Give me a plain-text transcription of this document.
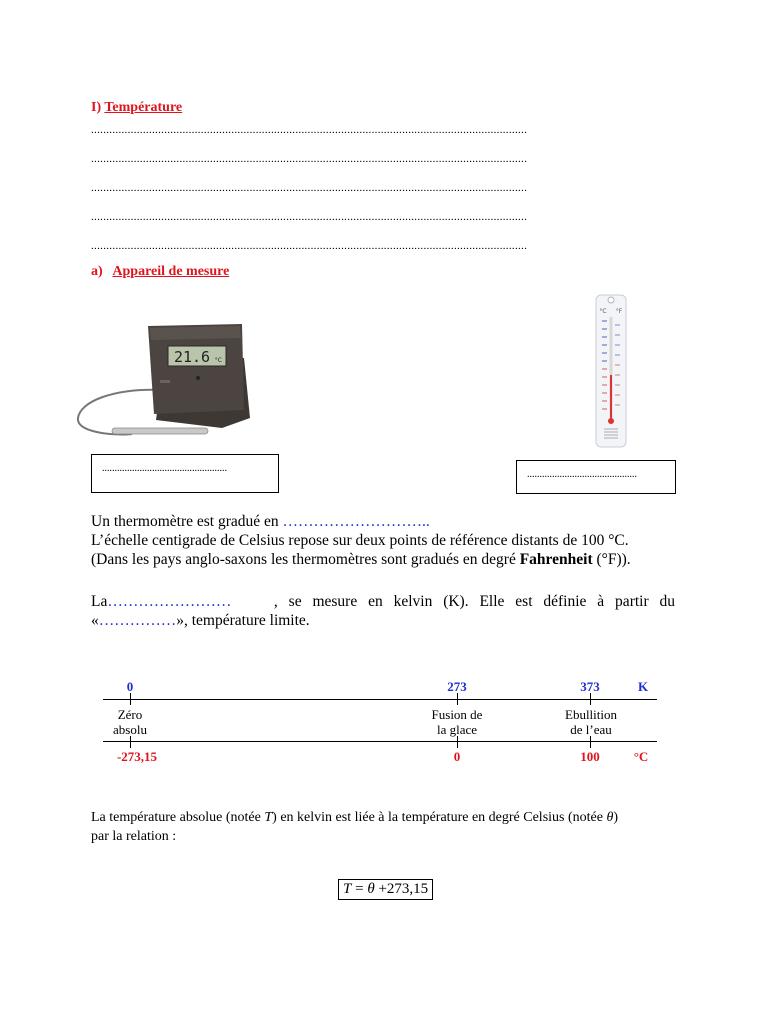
I) Température
...............................................................................................................................................
...............................................................................................................................................
...............................................................................................................................................
...............................................................................................................................................
...............................................................................................................................................
a) Appareil de mesure
21.6 °C
°C °F
..................................................
............................................
Un thermomètre est gradué en ………………………..
L’échelle centigrade de Celsius repose sur deux points de référence distants de 100 °C.
(Dans les pays anglo-saxons les thermomètres sont gradués en degré Fahrenheit (°F)).
La ……………………	, se mesure en kelvin (K). Elle est définie à partir du
«……………», température limite.
0	273	373	K
Zéro
absolu
Fusion de
la glace
Ebullition
de l’eau
-273,15	0	100	°C
La température absolue (notée T) en kelvin est liée à la température en degré Celsius (notée θ)
par la relation :
T = θ +273,15
